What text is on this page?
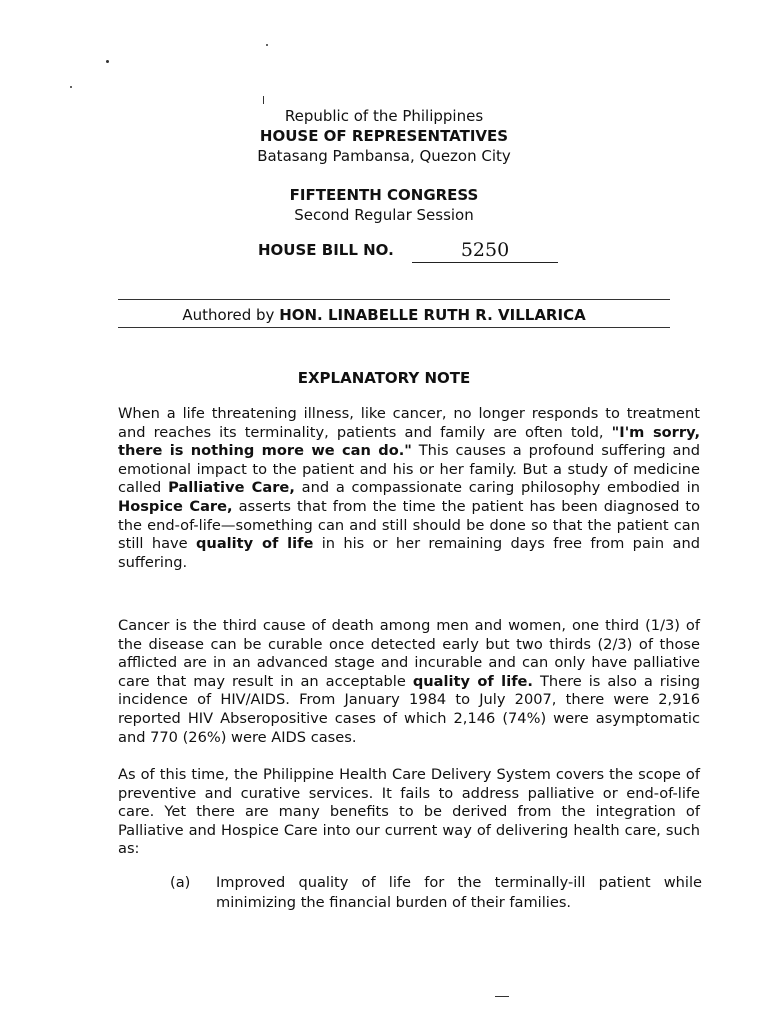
Republic of the Philippines
HOUSE OF REPRESENTATIVES
Batasang Pambansa, Quezon City
FIFTEENTH CONGRESS
Second Regular Session
HOUSE BILL NO.	5250
Authored by HON. LINABELLE RUTH R. VILLARICA
EXPLANATORY NOTE

When a life threatening illness, like cancer, no longer responds to treatment and reaches its terminality, patients and family are often told, "I'm sorry, there is nothing more we can do." This causes a profound suffering and emotional impact to the patient and his or her family. But a study of medicine called Palliative Care, and a compassionate caring philosophy embodied in Hospice Care, asserts that from the time the patient has been diagnosed to the end-of-life—something can and still should be done so that the patient can still have quality of life in his or her remaining days free from pain and suffering.

Cancer is the third cause of death among men and women, one third (1/3) of the disease can be curable once detected early but two thirds (2/3) of those afflicted are in an advanced stage and incurable and can only have palliative care that may result in an acceptable quality of life. There is also a rising incidence of HIV/AIDS. From January 1984 to July 2007, there were 2,916 reported HIV Abseropositive cases of which 2,146 (74%) were asymptomatic and 770 (26%) were AIDS cases.

As of this time, the Philippine Health Care Delivery System covers the scope of preventive and curative services. It fails to address palliative or end-of-life care. Yet there are many benefits to be derived from the integration of Palliative and Hospice Care into our current way of delivering health care, such as:

(a) Improved quality of life for the terminally-ill patient while minimizing the financial burden of their families.
